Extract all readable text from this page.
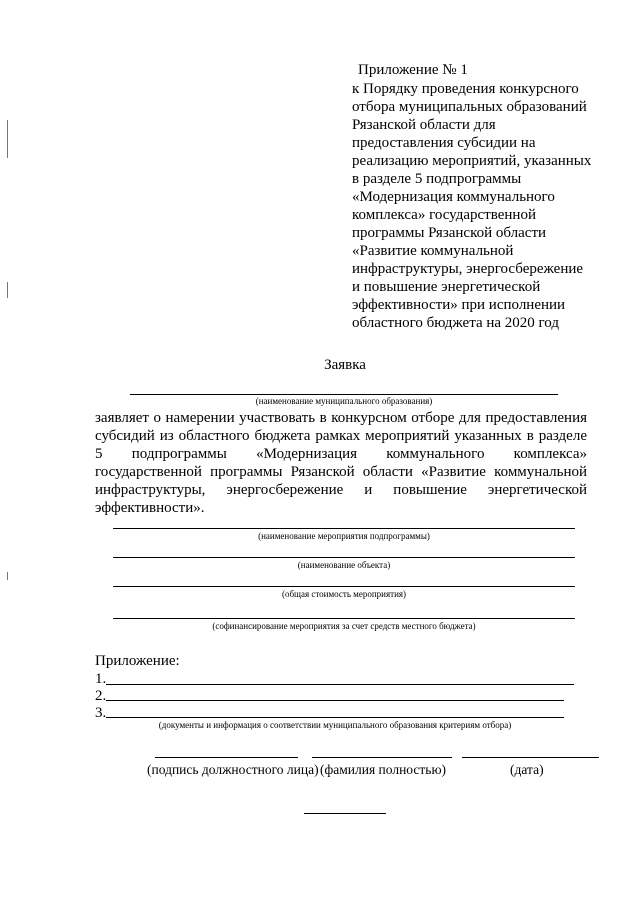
Приложение № 1
к Порядку проведения конкурсного
отбора муниципальных образований
Рязанской области для
предоставления субсидии на
реализацию мероприятий, указанных
в разделе 5 подпрограммы
«Модернизация коммунального
комплекса» государственной
программы Рязанской области
«Развитие коммунальной
инфраструктуры, энергосбережение
и повышение энергетической
эффективности» при исполнении
областного бюджета на 2020 год
Заявка
(наименование муниципального образования)
заявляет о намерении участвовать в конкурсном отборе для предоставления субсидий из областного бюджета рамках мероприятий указанных в разделе 5 подпрограммы «Модернизация коммунального комплекса» государственной программы Рязанской области «Развитие коммунальной инфраструктуры, энергосбережение и повышение энергетической эффективности».
(наименование мероприятия подпрограммы)
(наименование объекта)
(общая стоимость мероприятия)
(софинансирование мероприятия за счет средств местного бюджета)
Приложение:
1.
2.
3.
(документы и информация о соответствии муниципального образования критериям отбора)
(подпись должностного лица) (фамилия полностью)	(дата)
